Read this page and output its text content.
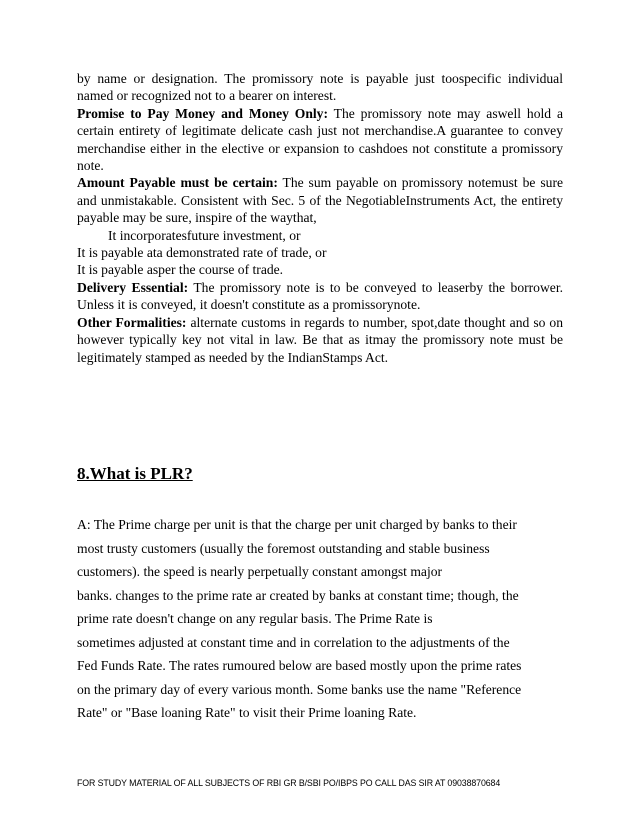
by name or designation. The promissory note is payable just toospecific individual named or recognized not to a bearer on interest.

Promise to Pay Money and Money Only: The promissory note may aswell hold a certain entirety of legitimate delicate cash just not merchandise.A guarantee to convey merchandise either in the elective or expansion to cashdoes not constitute a promissory note.

Amount Payable must be certain: The sum payable on promissory notemust be sure and unmistakable. Consistent with Sec. 5 of the NegotiableInstruments Act, the entirety payable may be sure, inspire of the waythat,

It incorporatesfuture investment, or

It is payable ata demonstrated rate of trade, or

It is payable asper the course of trade.

Delivery Essential: The promissory note is to be conveyed to leaserby the borrower. Unless it is conveyed, it doesn't constitute as a promissorynote.

Other Formalities: alternate customs in regards to number, spot,date thought and so on however typically key not vital in law. Be that as itmay the promissory note must be legitimately stamped as needed by the IndianStamps Act.

8.What is PLR?

A: The Prime charge per unit is that the charge per unit charged by banks to their

most trusty customers (usually the foremost outstanding and stable business

customers). the speed is nearly perpetually constant amongst major

banks. changes to the prime rate ar created by banks at constant time; though, the

prime rate doesn't change on any regular basis. The Prime Rate is

sometimes adjusted at constant time and in correlation to the adjustments of the

Fed Funds Rate. The rates rumoured below are based mostly upon the prime rates

on the primary day of every various month. Some banks use the name "Reference

Rate" or "Base loaning Rate" to visit their Prime loaning Rate.

FOR STUDY MATERIAL OF ALL SUBJECTS OF RBI GR B/SBI PO/IBPS PO CALL DAS SIR AT 09038870684
